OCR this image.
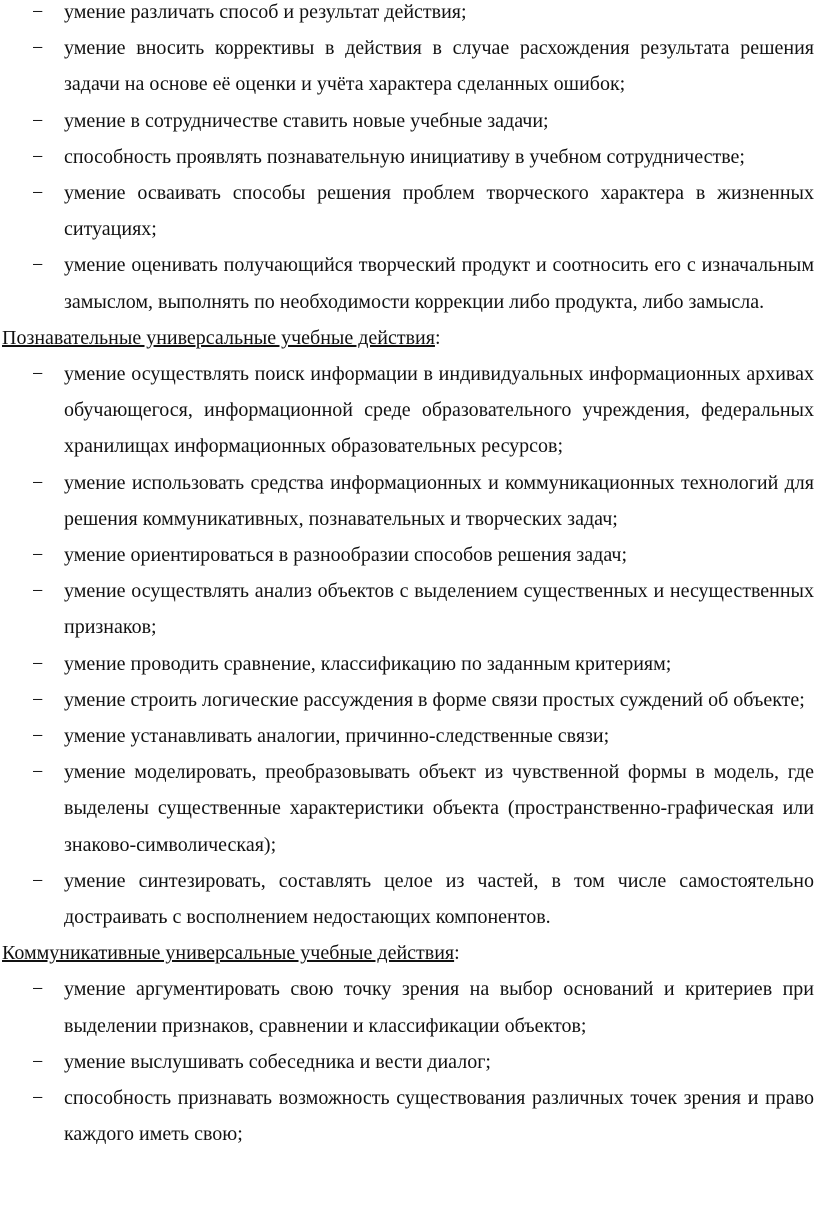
− умение различать способ и результат действия;
− умение вносить коррективы в действия в случае расхождения результата решения задачи на основе её оценки и учёта характера сделанных ошибок;
− умение в сотрудничестве ставить новые учебные задачи;
− способность проявлять познавательную инициативу в учебном сотрудничестве;
− умение осваивать способы решения проблем творческого характера в жизненных ситуациях;
− умение оценивать получающийся творческий продукт и соотносить его с изначальным замыслом, выполнять по необходимости коррекции либо продукта, либо замысла.

Познавательные универсальные учебные действия:

− умение осуществлять поиск информации в индивидуальных информационных архивах обучающегося, информационной среде образовательного учреждения, федеральных хранилищах информационных образовательных ресурсов;
− умение использовать средства информационных и коммуникационных технологий для решения коммуникативных, познавательных и творческих задач;
− умение ориентироваться в разнообразии способов решения задач;
− умение осуществлять анализ объектов с выделением существенных и несущественных признаков;
− умение проводить сравнение, классификацию по заданным критериям;
− умение строить логические рассуждения в форме связи простых суждений об объекте;
− умение устанавливать аналогии, причинно-следственные связи;
− умение моделировать, преобразовывать объект из чувственной формы в модель, где выделены существенные характеристики объекта (пространственно-графическая или знаково-символическая);
− умение синтезировать, составлять целое из частей, в том числе самостоятельно достраивать с восполнением недостающих компонентов.

Коммуникативные универсальные учебные действия:

− умение аргументировать свою точку зрения на выбор оснований и критериев при выделении признаков, сравнении и классификации объектов;
− умение выслушивать собеседника и вести диалог;
− способность признавать возможность существования различных точек зрения и право каждого иметь свою;
